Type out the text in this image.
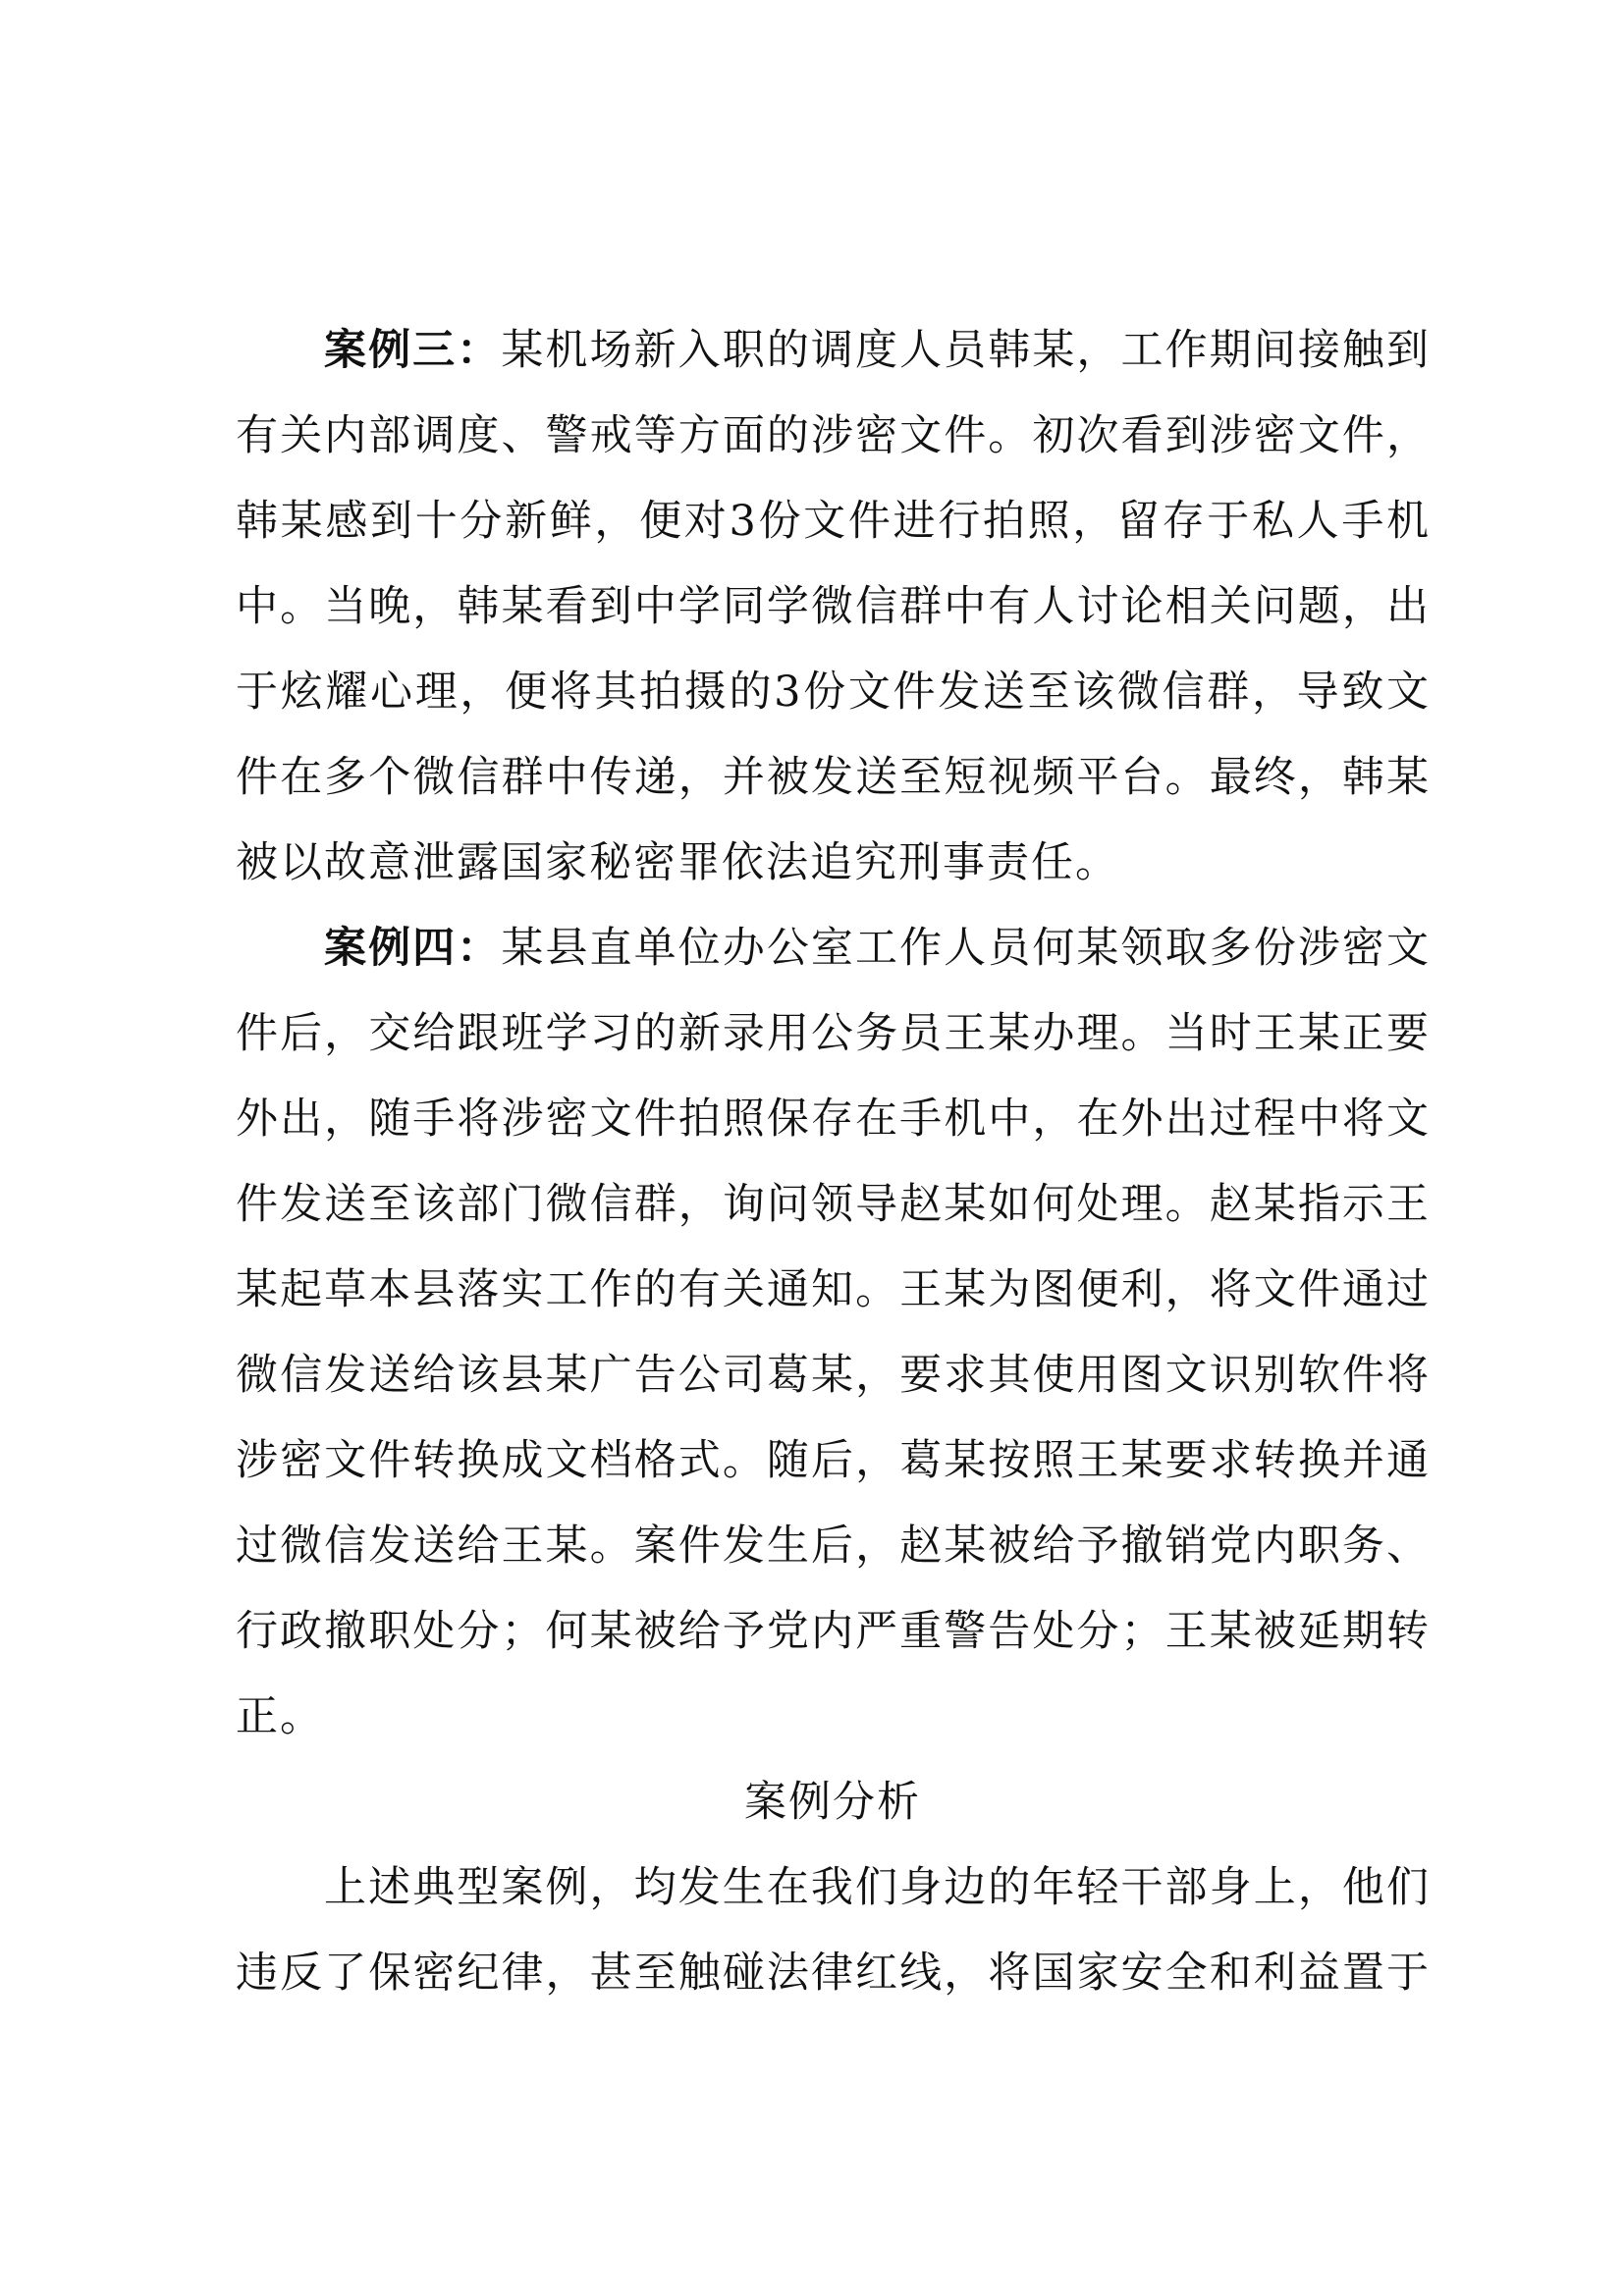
案例三：某机场新入职的调度人员韩某，工作期间接触到
有关内部调度、警戒等方面的涉密文件。初次看到涉密文件，
韩某感到十分新鲜，便对3份文件进行拍照，留存于私人手机
中。当晚，韩某看到中学同学微信群中有人讨论相关问题，出
于炫耀心理，便将其拍摄的3份文件发送至该微信群，导致文
件在多个微信群中传递，并被发送至短视频平台。最终，韩某
被以故意泄露国家秘密罪依法追究刑事责任。
案例四：某县直单位办公室工作人员何某领取多份涉密文
件后，交给跟班学习的新录用公务员王某办理。当时王某正要
外出，随手将涉密文件拍照保存在手机中，在外出过程中将文
件发送至该部门微信群，询问领导赵某如何处理。赵某指示王
某起草本县落实工作的有关通知。王某为图便利，将文件通过
微信发送给该县某广告公司葛某，要求其使用图文识别软件将
涉密文件转换成文档格式。随后，葛某按照王某要求转换并通
过微信发送给王某。案件发生后，赵某被给予撤销党内职务、
行政撤职处分；何某被给予党内严重警告处分；王某被延期转
正。
案例分析
上述典型案例，均发生在我们身边的年轻干部身上，他们
违反了保密纪律，甚至触碰法律红线，将国家安全和利益置于
